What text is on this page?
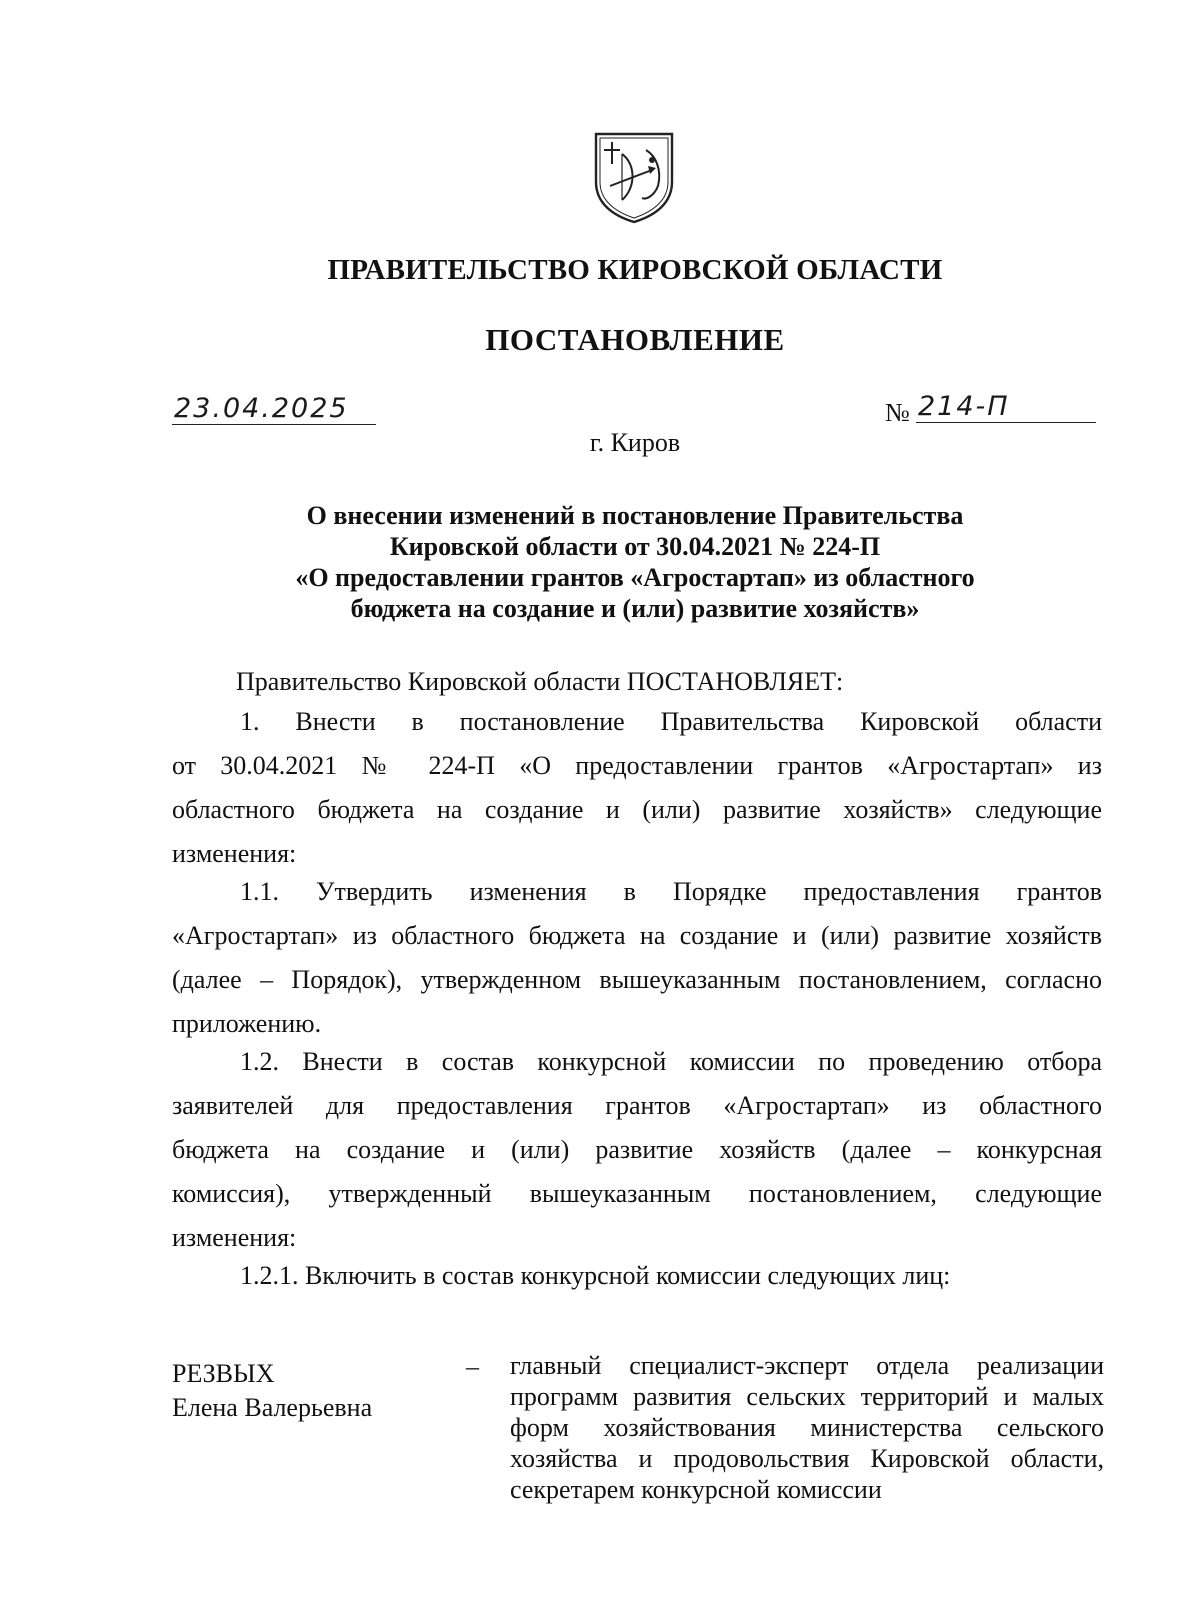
ПРАВИТЕЛЬСТВО КИРОВСКОЙ ОБЛАСТИ
ПОСТАНОВЛЕНИЕ
23.04.2025	№ 214-П
г. Киров
О внесении изменений в постановление Правительства
Кировской области от 30.04.2021 № 224-П
«О предоставлении грантов «Агростартап» из областного
бюджета на создание и (или) развитие хозяйств»
Правительство Кировской области ПОСТАНОВЛЯЕТ:
1. Внести в постановление Правительства Кировской области
от 30.04.2021 № 224-П «О предоставлении грантов «Агростартап» из
областного бюджета на создание и (или) развитие хозяйств» следующие
изменения:
1.1. Утвердить изменения в Порядке предоставления грантов
«Агростартап» из областного бюджета на создание и (или) развитие хозяйств
(далее – Порядок), утвержденном вышеуказанным постановлением, согласно
приложению.
1.2. Внести в состав конкурсной комиссии по проведению отбора
заявителей для предоставления грантов «Агростартап» из областного
бюджета на создание и (или) развитие хозяйств (далее – конкурсная
комиссия), утвержденный вышеуказанным постановлением, следующие
изменения:
1.2.1. Включить в состав конкурсной комиссии следующих лиц:
РЕЗВЫХ
Елена Валерьевна
– главный специалист-эксперт отдела реализации
программ развития сельских территорий и малых
форм хозяйствования министерства сельского
хозяйства и продовольствия Кировской области,
секретарем конкурсной комиссии
